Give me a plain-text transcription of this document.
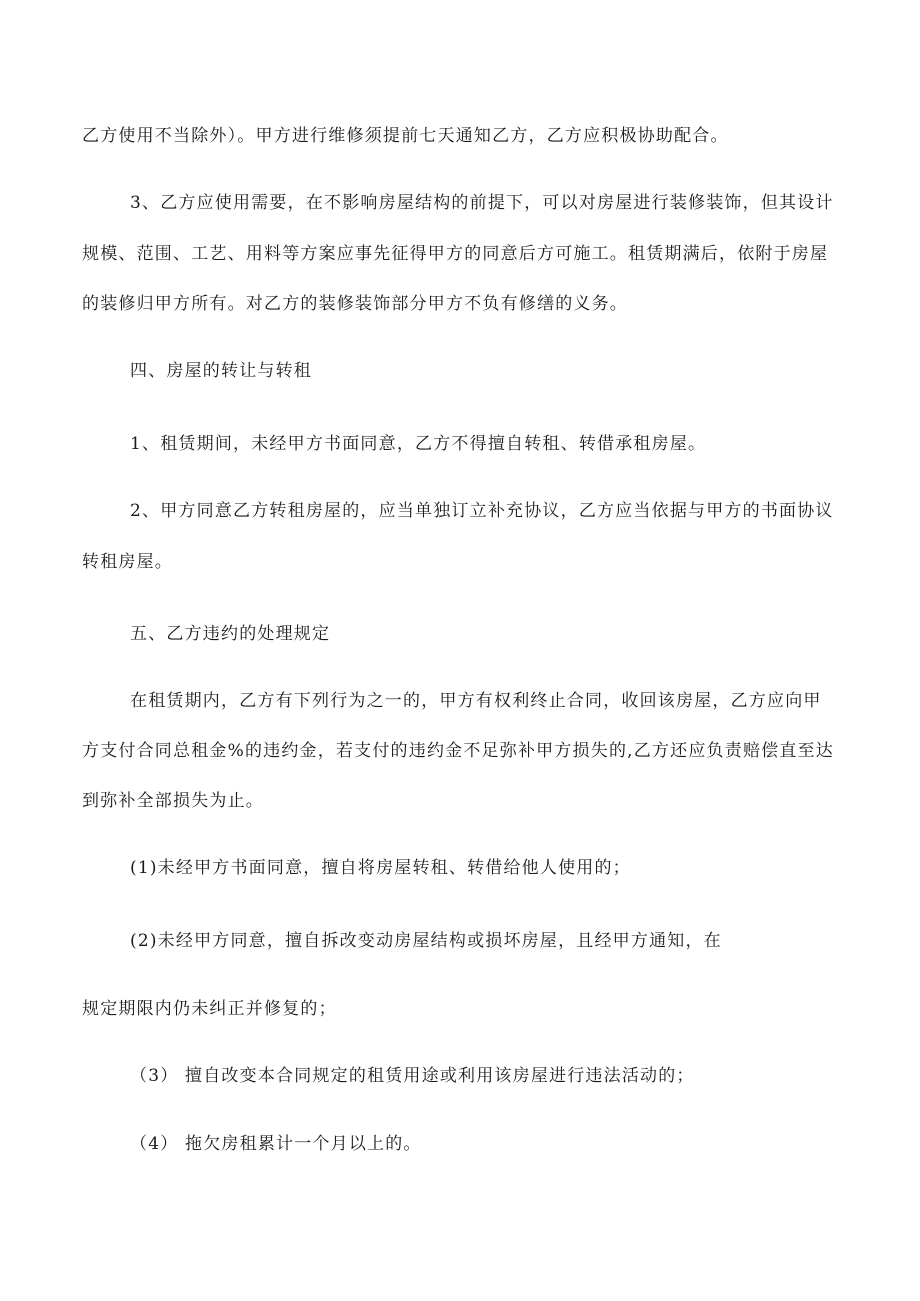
乙方使用不当除外）。甲方进行维修须提前七天通知乙方，乙方应积极协助配合。
3、乙方应使用需要，在不影响房屋结构的前提下，可以对房屋进行装修装饰，但其设计
规模、范围、工艺、用料等方案应事先征得甲方的同意后方可施工。租赁期满后，依附于房屋
的装修归甲方所有。对乙方的装修装饰部分甲方不负有修缮的义务。
四、房屋的转让与转租
1、租赁期间，未经甲方书面同意，乙方不得擅自转租、转借承租房屋。
2、甲方同意乙方转租房屋的，应当单独订立补充协议，乙方应当依据与甲方的书面协议
转租房屋。
五、乙方违约的处理规定
在租赁期内，乙方有下列行为之一的，甲方有权利终止合同，收回该房屋，乙方应向甲
方支付合同总租金%的违约金，若支付的违约金不足弥补甲方损失的,乙方还应负责赔偿直至达
到弥补全部损失为止。
(1)未经甲方书面同意，擅自将房屋转租、转借给他人使用的；
(2)未经甲方同意，擅自拆改变动房屋结构或损坏房屋，且经甲方通知，在
规定期限内仍未纠正并修复的；
（3） 擅自改变本合同规定的租赁用途或利用该房屋进行违法活动的；
（4） 拖欠房租累计一个月以上的。
